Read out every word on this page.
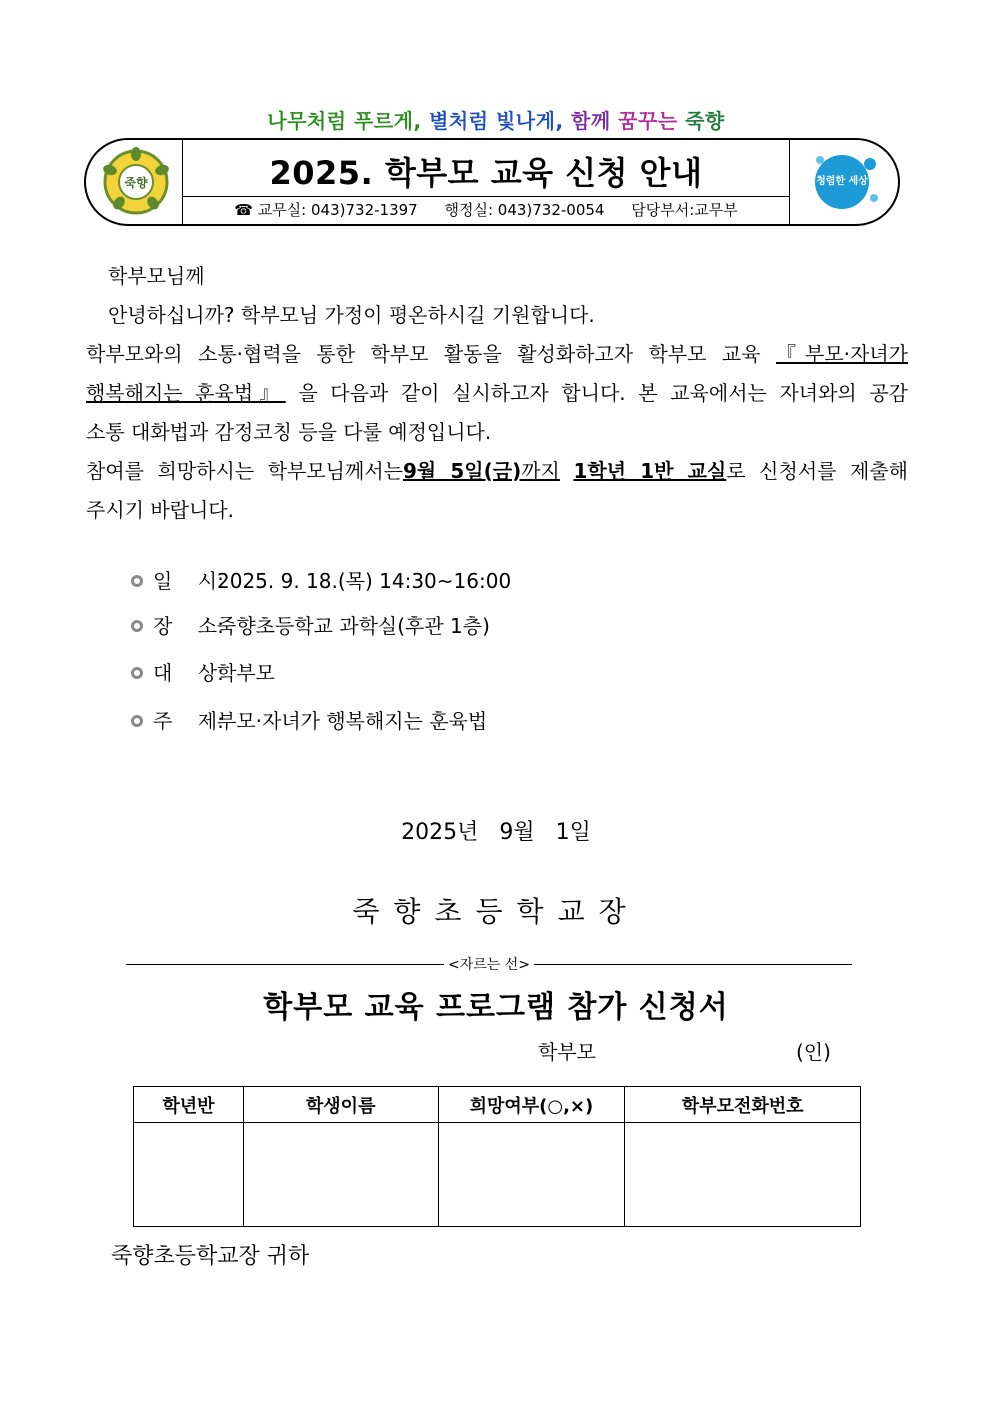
나무처럼 푸르게, 별처럼 빛나게, 함께 꿈꾸는 죽향
죽향	2025. 학부모 교육 신청 안내
☎ 교무실: 043)732-1397 행정실: 043)732-0054 담당부서:교무부
청렴한 세상
학부모님께
안녕하십니까? 학부모님 가정이 평온하시길 기원합니다.
학부모와의 소통·협력을 통한 학부모 활동을 활성화하고자 학부모 교육 『부모·자녀가
행복해지는 훈육법』 을 다음과 같이 실시하고자 합니다. 본 교육에서는 자녀와의 공감
소통 대화법과 감정코칭 등을 다룰 예정입니다.
참여를 희망하시는 학부모님께서는9월 5일(금)까지 1학년 1반 교실로 신청서를 제출해
주시기 바랍니다.
일    시:2025. 9. 18.(목) 14:30~16:00
장    소:죽향초등학교 과학실(후관 1층)
대    상:학부모
주    제:부모·자녀가 행복해지는 훈육법
2025년   9월   1일
죽향초등학교장
<자르는 선>
학부모 교육 프로그램 참가 신청서
학부모	(인)
학년반	학생이름	희망여부(○,×)	학부모전화번호

죽향초등학교장 귀하
